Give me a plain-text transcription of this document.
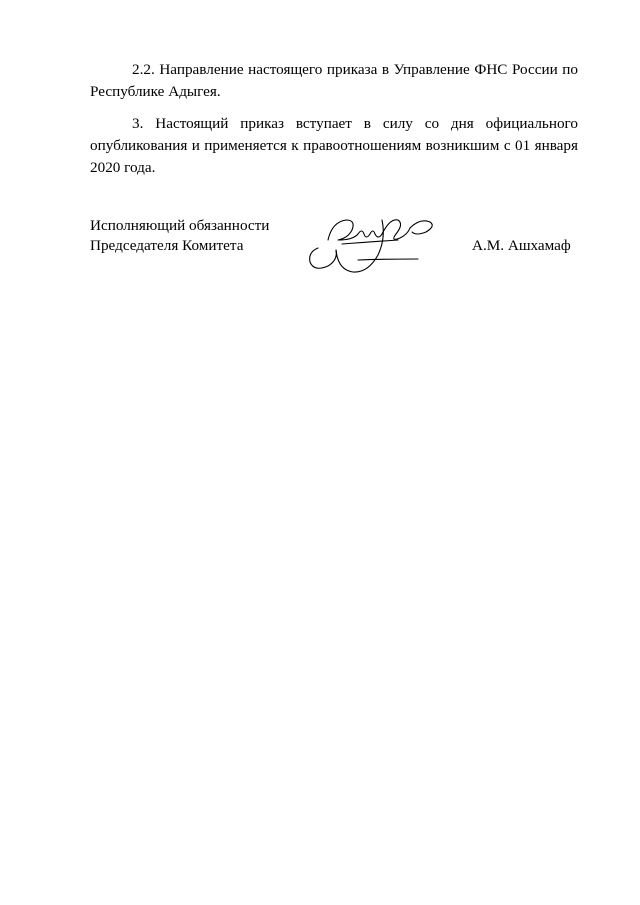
2.2. Направление настоящего приказа в Управление ФНС России по
Республике Адыгея.
3. Настоящий приказ вступает в силу со дня официального
опубликования и применяется к правоотношениям возникшим с 01 января
2020 года.
Исполняющий обязанности
Председателя Комитета	А.М. Ашхамаф
